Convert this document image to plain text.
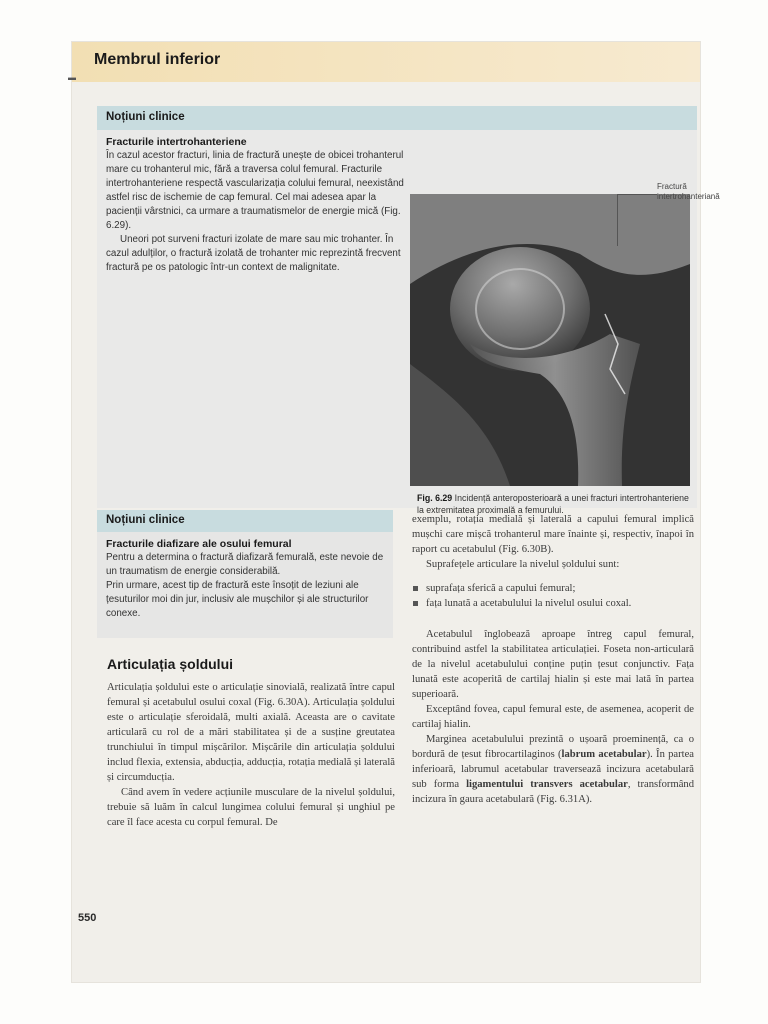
Membrul inferior
▬
Noțiuni clinice

Fracturile intertrohanteriene

În cazul acestor fracturi, linia de fractură unește de obicei trohanterul mare cu trohanterul mic, fără a traversa colul femural. Fracturile intertrohanteriene respectă vascularizația colului femural, neexistând astfel risc de ischemie de cap femural. Cel mai adesea apar la pacienții vârstnici, ca urmare a traumatismelor de energie mică (Fig. 6.29).

Uneori pot surveni fracturi izolate de mare sau mic trohanter. În cazul adulților, o fractură izolată de trohanter mic reprezintă frecvent fractură pe os patologic într-un context de malignitate.

Fractură
intertrohanteriană
Fig. 6.29 Incidență anteroposterioară a unei fracturi intertrohanteriene la extremitatea proximală a femurului.
Noțiuni clinice

Fracturile diafizare ale osului femural

Pentru a determina o fractură diafizară femurală, este nevoie de un traumatism de energie considerabilă.

Prin urmare, acest tip de fractură este însoțit de leziuni ale țesuturilor moi din jur, inclusiv ale mușchilor și ale structurilor conexe.

Articulația șoldului

Articulația șoldului este o articulație sinovială, realizată între capul femural și acetabulul osului coxal (Fig. 6.30A). Articulația șoldului este o articulație sferoidală, multi axială. Aceasta are o cavitate articulară cu rol de a mări stabilitatea și de a susține greutatea trunchiului în timpul mișcărilor. Mișcările din articulația șoldului includ flexia, extensia, abducția, adducția, rotația medială și laterală și circumducția.

Când avem în vedere acțiunile musculare de la nivelul șoldului, trebuie să luăm în calcul lungimea colului femural și unghiul pe care îl face acesta cu corpul femural. De

exemplu, rotația medială și laterală a capului femural implică mușchi care mișcă trohanterul mare înainte și, respectiv, înapoi în raport cu acetabulul (Fig. 6.30B).

Suprafețele articulare la nivelul șoldului sunt:

suprafața sferică a capului femural;
fața lunată a acetabulului la nivelul osului coxal.

Acetabulul înglobează aproape întreg capul femural, contribuind astfel la stabilitatea articulației. Foseta non-articulară de la nivelul acetabulului conține puțin țesut conjunctiv. Fața lunată este acoperită de cartilaj hialin și este mai lată în partea superioară.

Exceptând fovea, capul femural este, de asemenea, acoperit de cartilaj hialin.

Marginea acetabulului prezintă o ușoară proeminență, ca o bordură de țesut fibrocartilaginos (labrum acetabular). În partea inferioară, labrumul acetabular traversează incizura acetabulară sub forma ligamentului transvers acetabular, transformând incizura în gaura acetabulară (Fig. 6.31A).

550
